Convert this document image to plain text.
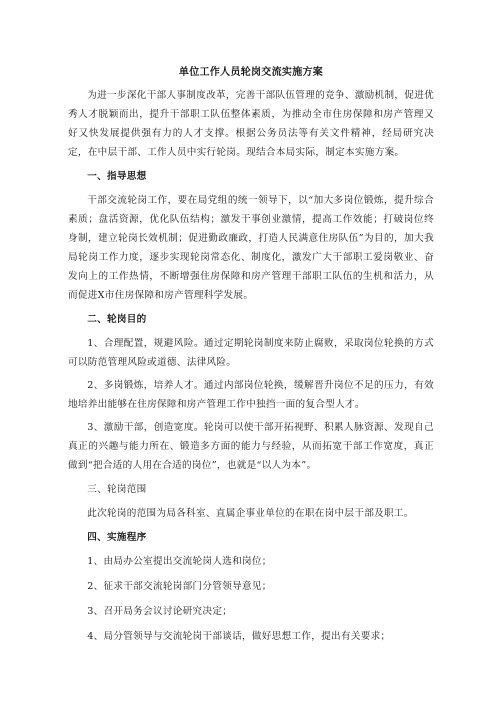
单位工作人员轮岗交流实施方案

为进一步深化干部人事制度改革，完善干部队伍管理的竞争、激励机制，促进优秀人才脱颖而出，提升干部职工队伍整体素质，为推动全市住房保障和房产管理又好又快发展提供强有力的人才支撑。根据公务员法等有关文件精神，经局研究决定，在中层干部、工作人员中实行轮岗。现结合本局实际，制定本实施方案。

一、指导思想

干部交流轮岗工作，要在局党组的统一领导下，以“加大多岗位锻炼，提升综合素质；盘活资源，优化队伍结构；激发干事创业激情，提高工作效能；打破岗位终身制，建立轮岗长效机制；促进勤政廉政，打造人民满意住房队伍”为目的，加大我局轮岗工作力度，逐步实现轮岗常态化、制度化，激发广大干部职工爱岗敬业、奋发向上的工作热情，不断增强住房保障和房产管理干部职工队伍的生机和活力，从而促进X市住房保障和房产管理科学发展。

二、轮岗目的

1、合理配置，规避风险。通过定期轮岗制度来防止腐败，采取岗位轮换的方式可以防范管理风险或道德、法律风险。

2、多岗锻炼，培养人才。通过内部岗位轮换，缓解晋升岗位不足的压力，有效地培养出能够在住房保障和房产管理工作中独挡一面的复合型人才。

3、激励干部，创造宽度。轮岗可以使干部开拓视野、积累人脉资源、发现自己真正的兴趣与能力所在、锻造多方面的能力与经验，从而拓宽干部工作宽度，真正做到“把合适的人用在合适的岗位”，也就是“以人为本”。

三、轮岗范围

此次轮岗的范围为局各科室、直属企事业单位的在职在岗中层干部及职工。

四、实施程序

1、由局办公室提出交流轮岗人选和岗位；

2、征求干部交流轮岗部门分管领导意见；

3、召开局务会议讨论研究决定；

4、局分管领导与交流轮岗干部谈话，做好思想工作，提出有关要求；
